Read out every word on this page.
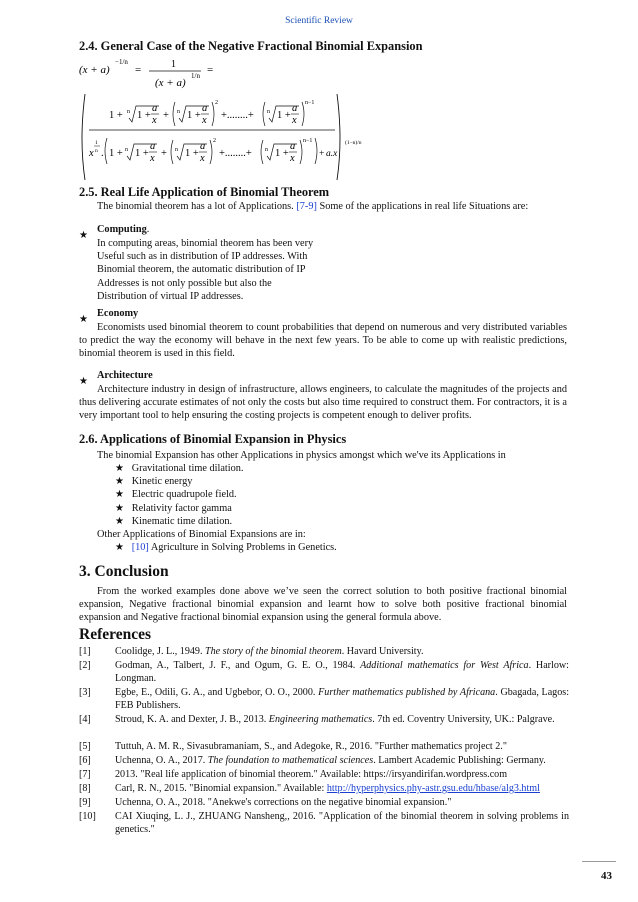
Scientific Review
2.4. General Case of the Negative Fractional Binomial Expansion
(x + a)
−1/n
=	1
(x + a)
1/n =
1 + n 1 +
a
x + n 1 +
a
x
2
+........+ n 1 +
a
x
n−1
x
1
n . 1 + n 1 +
a
x + n 1 +
a
x
2
+........+ n 1 +
a
x
n−1
+ a.x
(1−n)/n
2.5. Real Life Application of Binomial Theorem
The binomial theorem has a lot of Applications. [7-9] Some of the applications in real life Situations are:
★
Computing.
In computing areas, binomial theorem has been very
Useful such as in distribution of IP addresses. With
Binomial theorem, the automatic distribution of IP
Addresses is not only possible but also the
Distribution of virtual IP addresses.
★
Economy
Economists used binomial theorem to count probabilities that depend on numerous and very distributed variables to predict the way the economy will behave in the next few years. To be able to come up with realistic predictions, binomial theorem is used in this field.
★
Architecture
Architecture industry in design of infrastructure, allows engineers, to calculate the magnitudes of the projects and thus delivering accurate estimates of not only the costs but also time required to construct them. For contractors, it is a very important tool to help ensuring the costing projects is competent enough to deliver profits.
2.6. Applications of Binomial Expansion in Physics
The binomial Expansion has other Applications in physics amongst which we've its Applications in
★ Gravitational time dilation.
★ Kinetic energy
★ Electric quadrupole field.
★ Relativity factor gamma
★ Kinematic time dilation.
Other Applications of Binomial Expansions are in:
★ [10] Agriculture in Solving Problems in Genetics.
3. Conclusion
From the worked examples done above we’ve seen the correct solution to both positive fractional binomial expansion, Negative fractional binomial expansion and learnt how to solve both positive fractional binomial expansion and Negative fractional binomial expansion using the general formula above.
References
[1]	Coolidge, J. L., 1949. The story of the binomial theorem. Havard University.
[2]	Godman, A., Talbert, J. F., and Ogum, G. E. O., 1984. Additional mathematics for West Africa. Harlow: Longman.
[3]	Egbe, E., Odili, G. A., and Ugbebor, O. O., 2000. Further mathematics published by Africana. Gbagada, Lagos: FEB Publishers.
[4]	Stroud, K. A. and Dexter, J. B., 2013. Engineering mathematics. 7th ed. Coventry University, UK.: Palgrave.
[5]	Tuttuh, A. M. R., Sivasubramaniam, S., and Adegoke, R., 2016. "Further mathematics project 2."
[6]	Uchenna, O. A., 2017. The foundation to mathematical sciences. Lambert Academic Publishing: Germany.
[7]	2013. "Real life application of binomial theorem." Available: https://irsyandirifan.wordpress.com
[8]	Carl, R. N., 2015. "Binomial expansion." Available: http://hyperphysics.phy-astr.gsu.edu/hbase/alg3.html
[9]	Uchenna, O. A., 2018. "Anekwe's corrections on the negative binomial expansion."
[10]	CAI Xiuqing, L. J., ZHUANG Nansheng,, 2016. "Application of the binomial theorem in solving problems in genetics."
43
